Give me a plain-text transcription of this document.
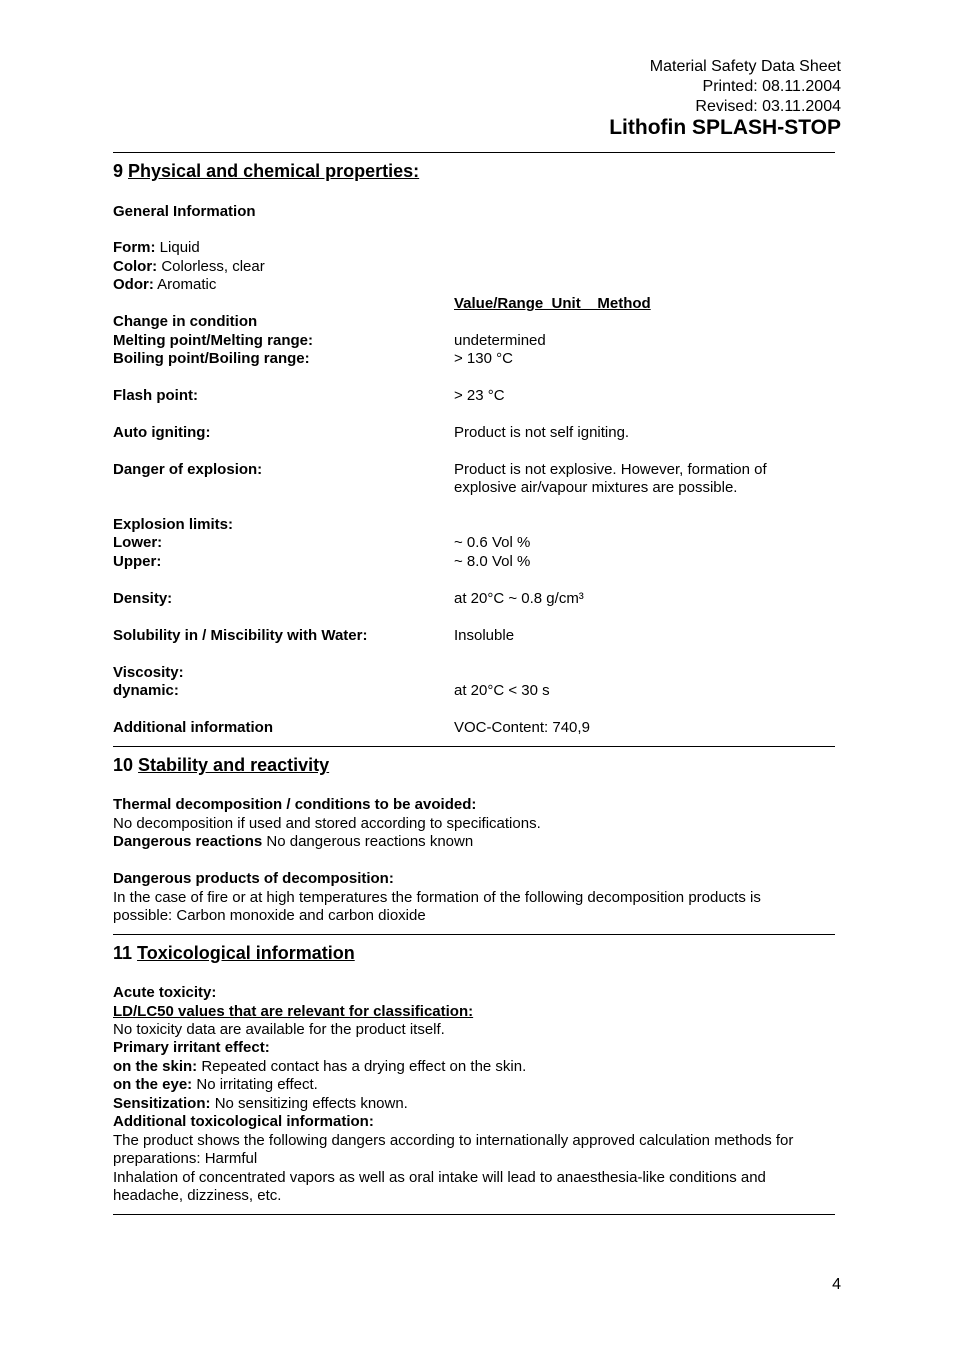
Material Safety Data Sheet
Printed: 08.11.2004
Revised: 03.11.2004
Lithofin SPLASH-STOP
9 Physical and chemical properties:
General Information
Form: Liquid
Color: Colorless, clear
Odor: Aromatic
Value/Range  Unit    Method
Change in condition
Melting point/Melting range:	undetermined
Boiling point/Boiling range:	> 130 °C
Flash point:	> 23 °C
Auto igniting:	Product is not self igniting.
Danger of explosion:	Product is not explosive. However, formation of
explosive air/vapour mixtures are possible.
Explosion limits:
Lower:	~ 0.6 Vol %
Upper:	~ 8.0 Vol %
Density:	at 20°C ~ 0.8 g/cm³
Solubility in / Miscibility with Water:	Insoluble
Viscosity:
dynamic:	at 20°C < 30 s
Additional information	VOC-Content: 740,9
10 Stability and reactivity
Thermal decomposition / conditions to be avoided:
No decomposition if used and stored according to specifications.
Dangerous reactions No dangerous reactions known
Dangerous products of decomposition:
In the case of fire or at high temperatures the formation of the following decomposition products is
possible: Carbon monoxide and carbon dioxide
11 Toxicological information
Acute toxicity:
LD/LC50 values that are relevant for classification:
No toxicity data are available for the product itself.
Primary irritant effect:
on the skin: Repeated contact has a drying effect on the skin.
on the eye: No irritating effect.
Sensitization: No sensitizing effects known.
Additional toxicological information:
The product shows the following dangers according to internationally approved calculation methods for
preparations: Harmful
Inhalation of concentrated vapors as well as oral intake will lead to anaesthesia-like conditions and
headache, dizziness, etc.
4
